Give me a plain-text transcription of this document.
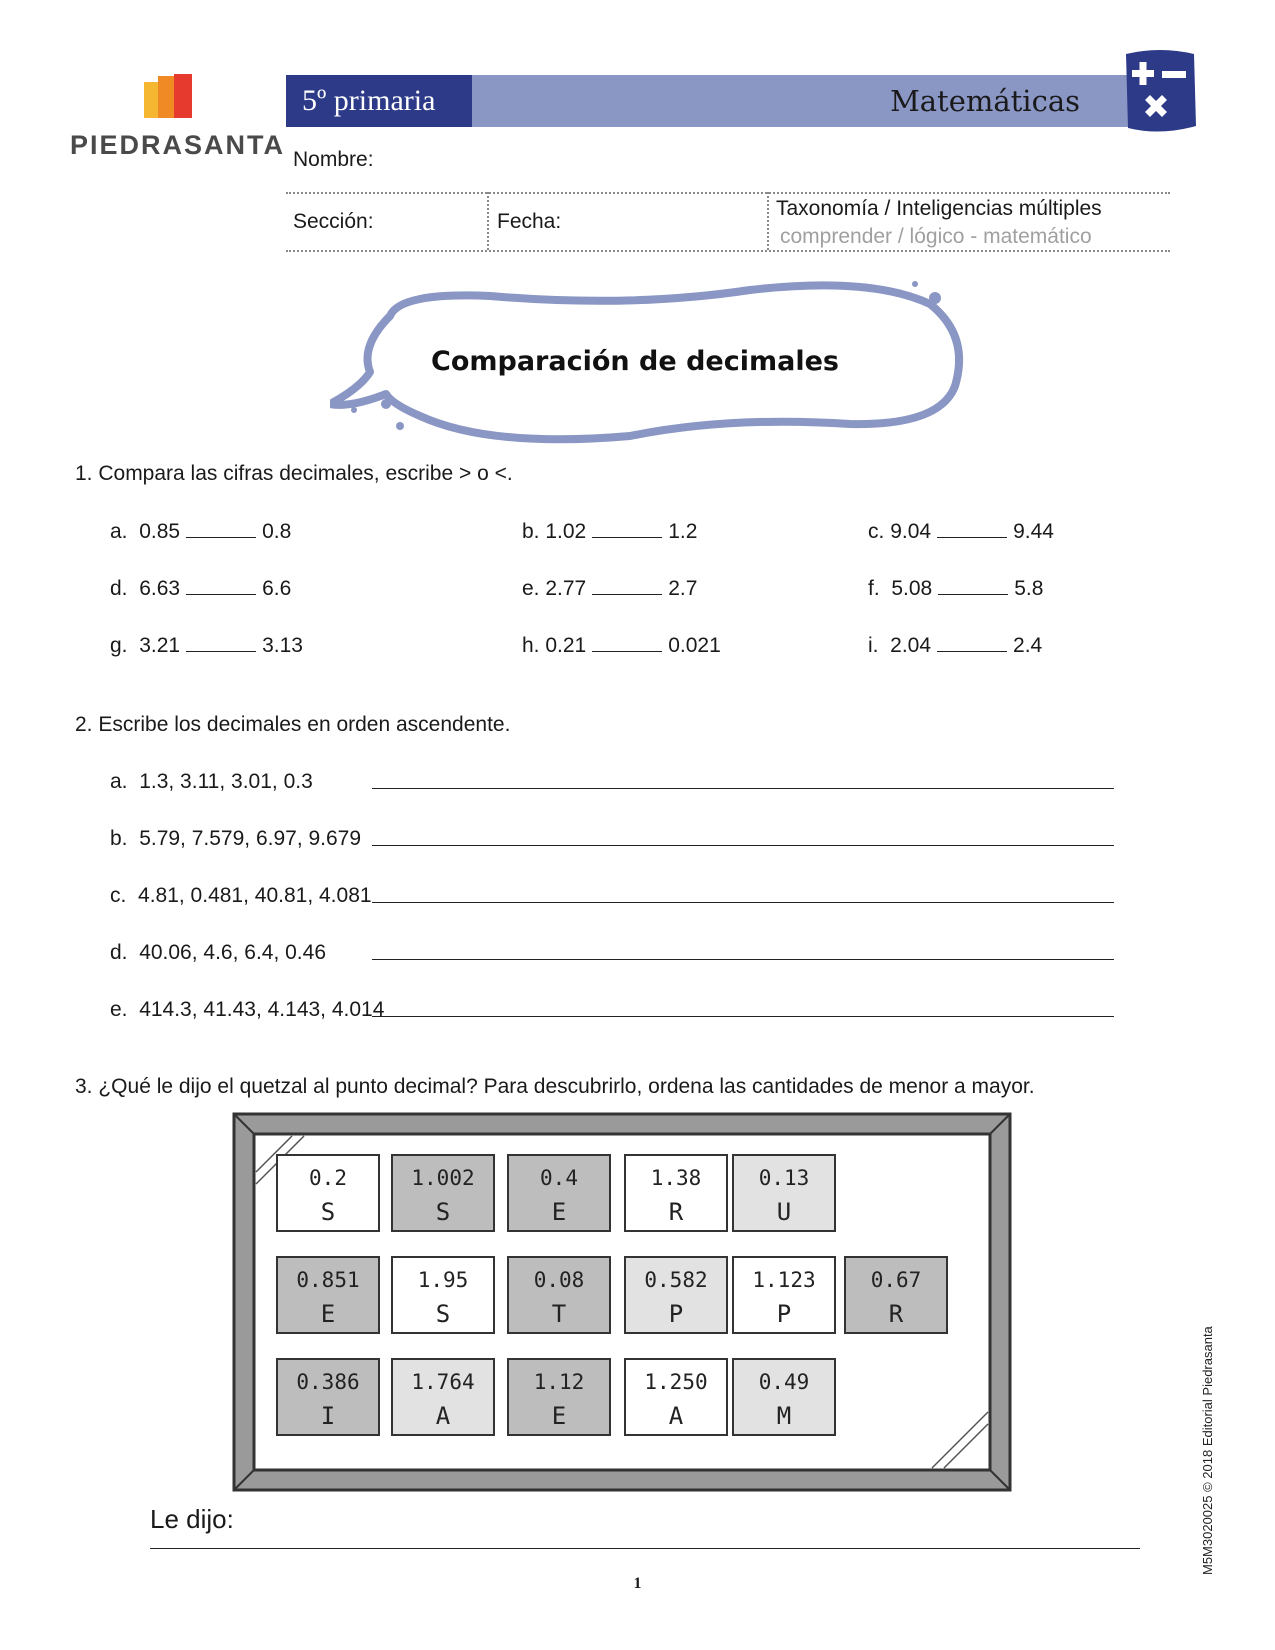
PIEDRASANTA
5º primaria	Matemáticas
Nombre:
Sección:	Fecha:
Taxonomía / Inteligencias múltiples
comprender / lógico - matemático
Comparación de decimales
1. Compara las cifras decimales, escribe > o <.
a. 0.85	0.8	b. 1.02	1.2	c. 9.04	9.44
d. 6.63	6.6	e. 2.77	2.7	f. 5.08	5.8
g. 3.21	3.13	h. 0.21	0.021	i. 2.04	2.4
2. Escribe los decimales en orden ascendente.
a. 1.3, 3.11, 3.01, 0.3
b. 5.79, 7.579, 6.97, 9.679
c. 4.81, 0.481, 40.81, 4.081
d. 40.06, 4.6, 6.4, 0.46
e. 414.3, 41.43, 4.143, 4.014
3. ¿Qué le dijo el quetzal al punto decimal? Para descubrirlo, ordena las cantidades de menor a mayor.
0.2
S
1.002
S
0.4
E
1.38
R
0.13
U
0.851
E
1.95
S
0.08
T
0.582
P
1.123
P
0.67
R
0.386
I
1.764
A
1.12
E
1.250
A
0.49
M
Le dijo:
1
M5M3020025 © 2018 Editorial Piedrasanta
